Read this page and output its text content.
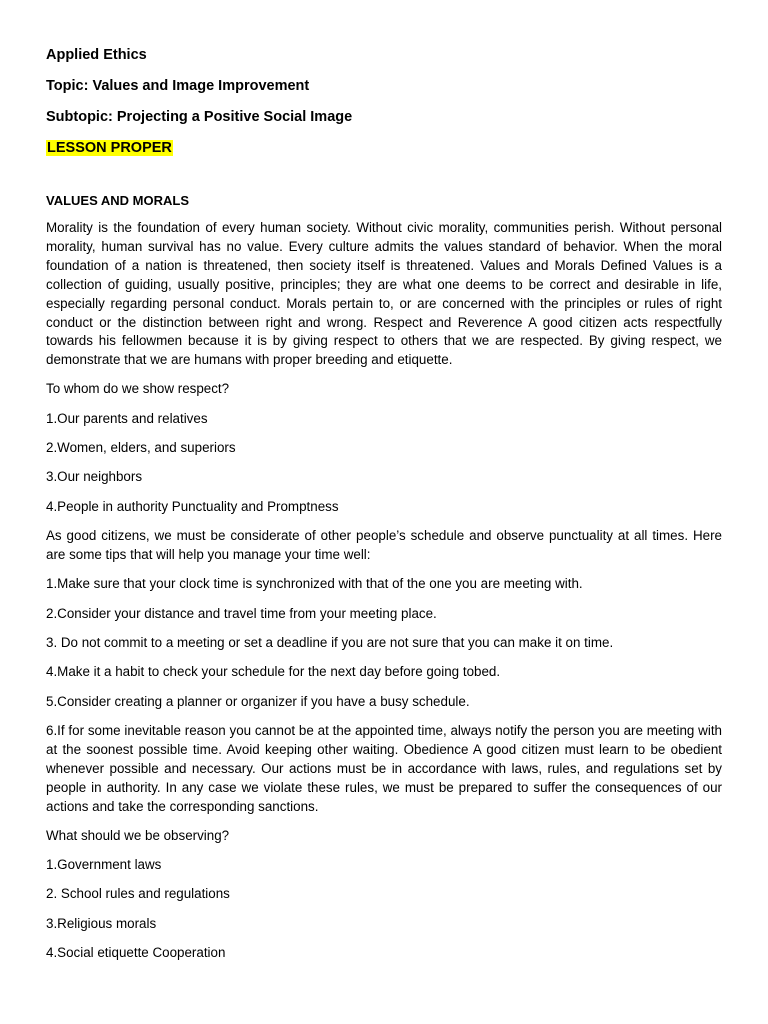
Applied Ethics
Topic: Values and Image Improvement
Subtopic: Projecting a Positive Social Image
LESSON PROPER
VALUES AND MORALS

Morality is the foundation of every human society. Without civic morality, communities perish. Without personal morality, human survival has no value. Every culture admits the values standard of behavior. When the moral foundation of a nation is threatened, then society itself is threatened. Values and Morals Defined Values is a collection of guiding, usually positive, principles; they are what one deems to be correct and desirable in life, especially regarding personal conduct. Morals pertain to, or are concerned with the principles or rules of right conduct or the distinction between right and wrong. Respect and Reverence A good citizen acts respectfully towards his fellowmen because it is by giving respect to others that we are respected. By giving respect, we demonstrate that we are humans with proper breeding and etiquette.

To whom do we show respect?
1.Our parents and relatives
2.Women, elders, and superiors
3.Our neighbors
4.People in authority Punctuality and Promptness

As good citizens, we must be considerate of other people’s schedule and observe punctuality at all times. Here are some tips that will help you manage your time well:

1.Make sure that your clock time is synchronized with that of the one you are meeting with.
2.Consider your distance and travel time from your meeting place.
3. Do not commit to a meeting or set a deadline if you are not sure that you can make it on time.
4.Make it a habit to check your schedule for the next day before going tobed.
5.Consider creating a planner or organizer if you have a busy schedule.

6.If for some inevitable reason you cannot be at the appointed time, always notify the person you are meeting with at the soonest possible time. Avoid keeping other waiting. Obedience A good citizen must learn to be obedient whenever possible and necessary. Our actions must be in accordance with laws, rules, and regulations set by people in authority. In any case we violate these rules, we must be prepared to suffer the consequences of our actions and take the corresponding sanctions.

What should we be observing?
1.Government laws
2. School rules and regulations
3.Religious morals
4.Social etiquette Cooperation
